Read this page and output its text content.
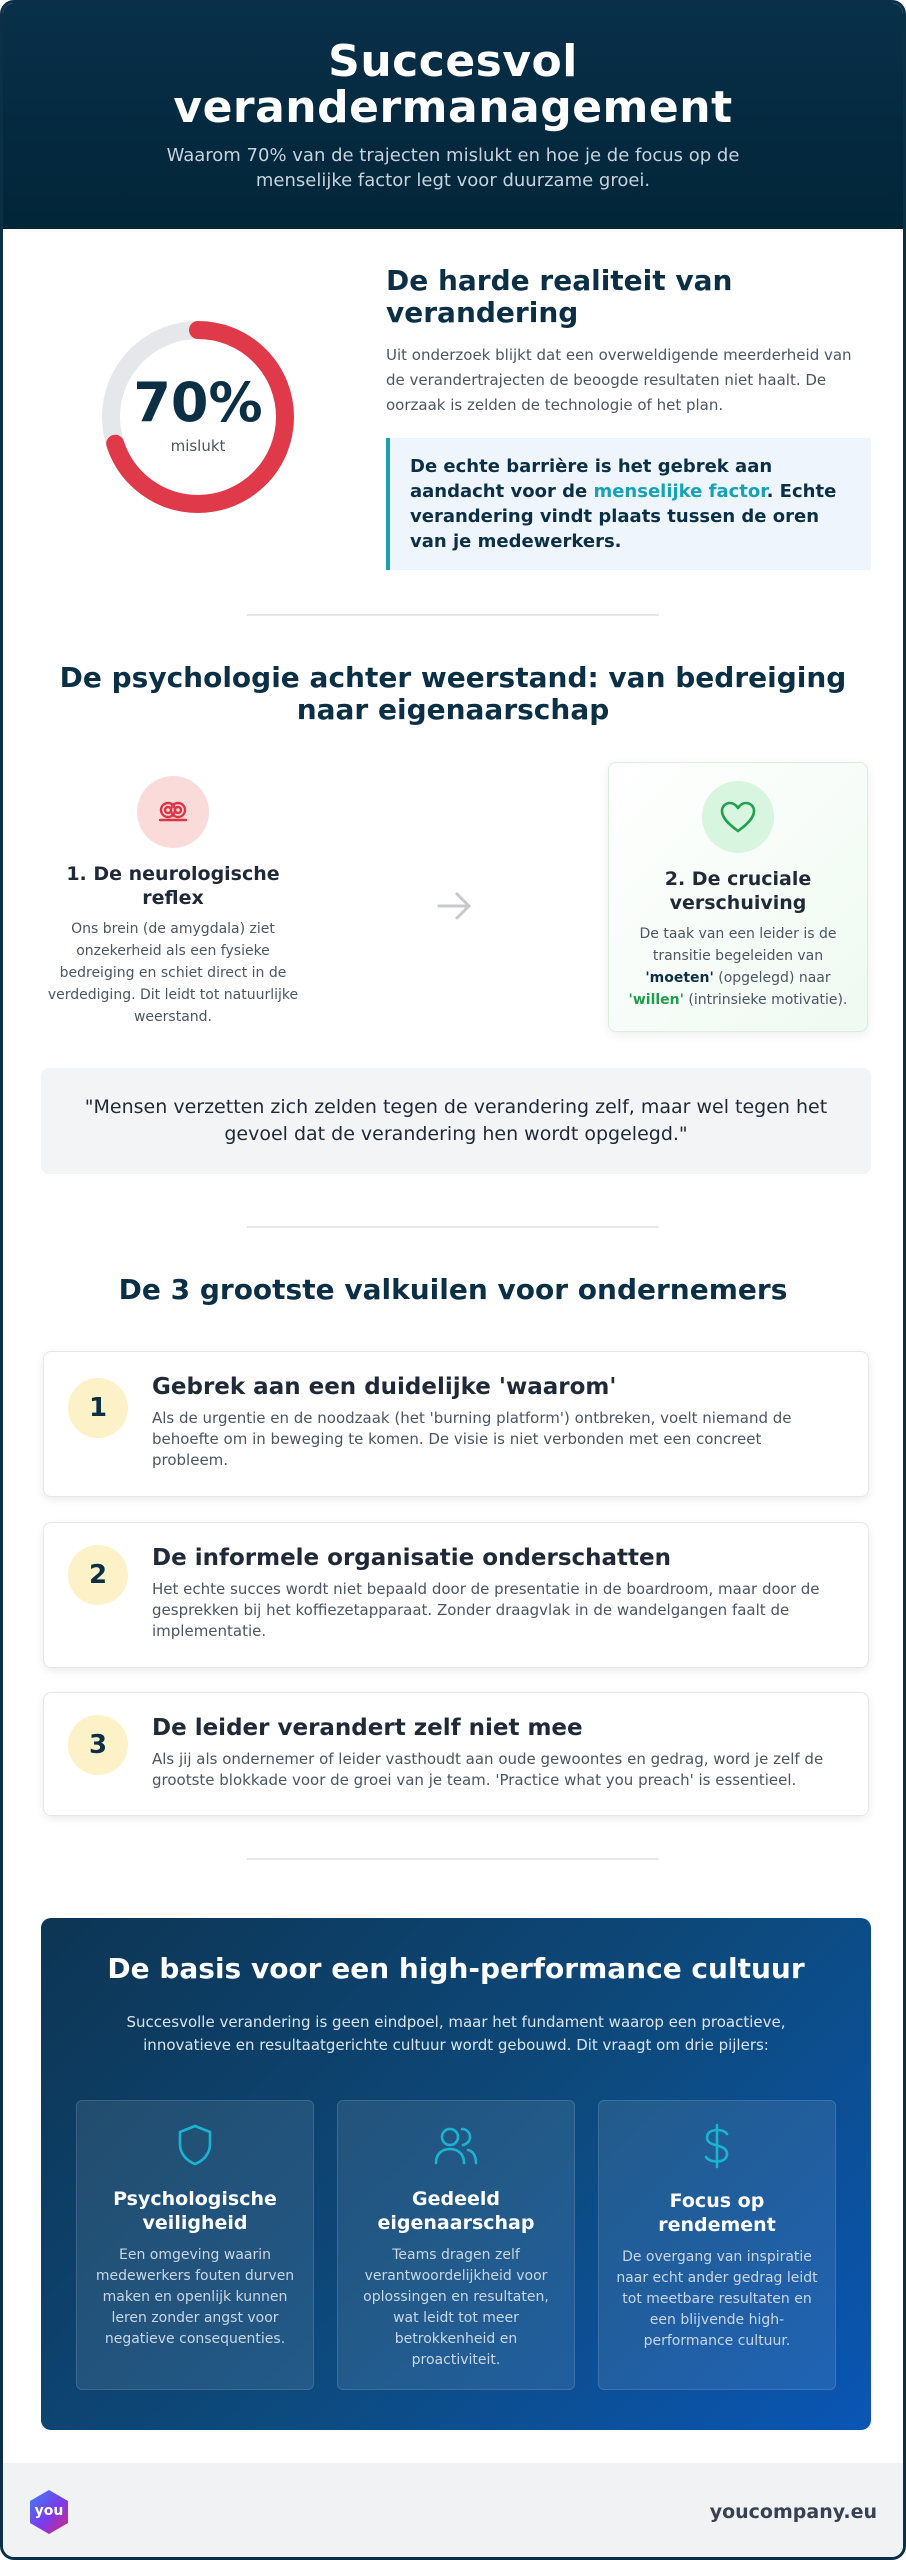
Succesvol verandermanagement

Waarom 70% van de trajecten mislukt en hoe je de focus op de menselijke factor legt voor duurzame groei.

70%
mislukt
De harde realiteit van verandering
Uit onderzoek blijkt dat een overweldigende meerderheid van de verandertrajecten de beoogde resultaten niet haalt. De oorzaak is zelden de technologie of het plan.
De echte barrière is het gebrek aan aandacht voor de menselijke factor. Echte verandering vindt plaats tussen de oren van je medewerkers.
De psychologie achter weerstand: van bedreiging naar eigenaarschap
1. De neurologische reflex
Ons brein (de amygdala) ziet onzekerheid als een fysieke bedreiging en schiet direct in de verdediging. Dit leidt tot natuurlijke weerstand.
2. De cruciale verschuiving
De taak van een leider is de transitie begeleiden van 'moeten' (opgelegd) naar 'willen' (intrinsieke motivatie).
"Mensen verzetten zich zelden tegen de verandering zelf, maar wel tegen het gevoel dat de verandering hen wordt opgelegd."
De 3 grootste valkuilen voor ondernemers
1
Gebrek aan een duidelijke 'waarom'
Als de urgentie en de noodzaak (het 'burning platform') ontbreken, voelt niemand de behoefte om in beweging te komen. De visie is niet verbonden met een concreet probleem.
2
De informele organisatie onderschatten
Het echte succes wordt niet bepaald door de presentatie in de boardroom, maar door de gesprekken bij het koffiezetapparaat. Zonder draagvlak in de wandelgangen faalt de implementatie.
3
De leider verandert zelf niet mee
Als jij als ondernemer of leider vasthoudt aan oude gewoontes en gedrag, word je zelf de grootste blokkade voor de groei van je team. 'Practice what you preach' is essentieel.
De basis voor een high-performance cultuur
Succesvolle verandering is geen eindpoel, maar het fundament waarop een proactieve, innovatieve en resultaatgerichte cultuur wordt gebouwd. Dit vraagt om drie pijlers:
Psychologische veiligheid
Een omgeving waarin medewerkers fouten durven maken en openlijk kunnen leren zonder angst voor negatieve consequenties.
Gedeeld eigenaarschap
Teams dragen zelf verantwoordelijkheid voor oplossingen en resultaten, wat leidt tot meer betrokkenheid en proactiviteit.
Focus op rendement
De overgang van inspiratie naar echt ander gedrag leidt tot meetbare resultaten en een blijvende high-performance cultuur.
you	youcompany.eu
